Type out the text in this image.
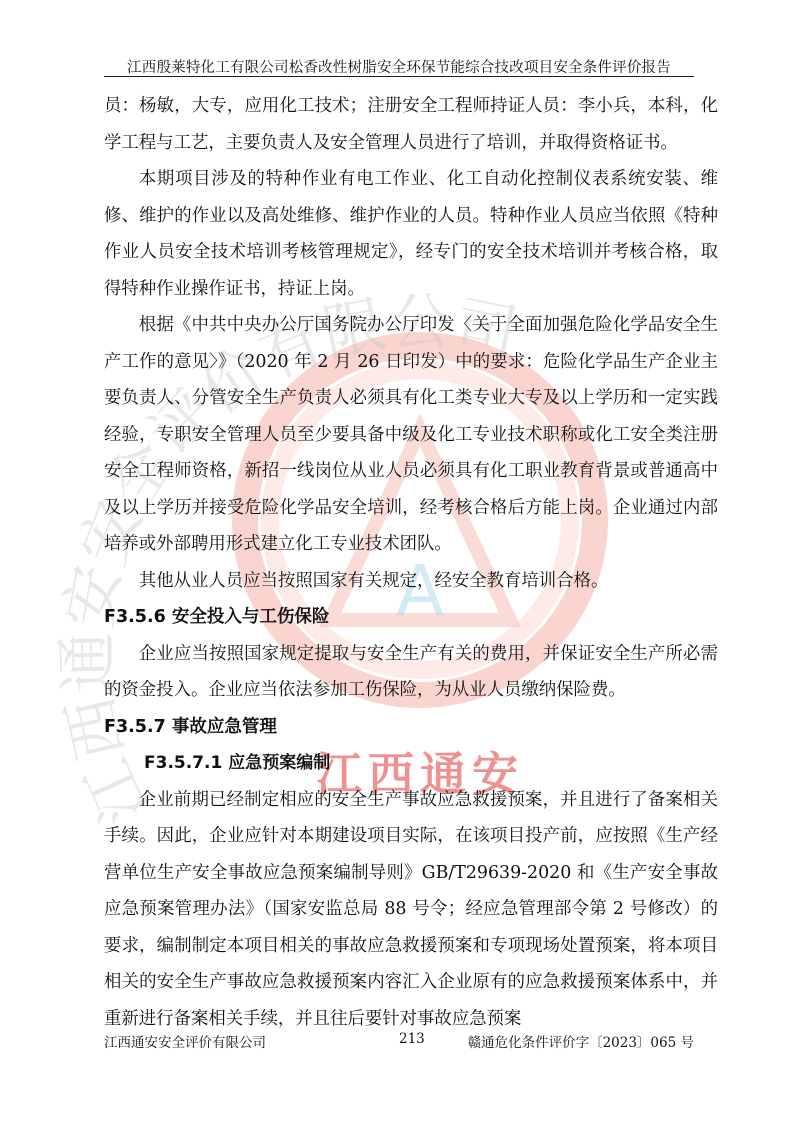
A
江西通安安全评价有限公司
江西通安
江西殷莱特化工有限公司松香改性树脂安全环保节能综合技改项目安全条件评价报告

员：杨敏，大专，应用化工技术；注册安全工程师持证人员：李小兵，本科，化学工程与工艺，主要负责人及安全管理人员进行了培训，并取得资格证书。

本期项目涉及的特种作业有电工作业、化工自动化控制仪表系统安装、维修、维护的作业以及高处维修、维护作业的人员。特种作业人员应当依照《特种作业人员安全技术培训考核管理规定》，经专门的安全技术培训并考核合格，取得特种作业操作证书，持证上岗。

根据《中共中央办公厅国务院办公厅印发〈关于全面加强危险化学品安全生产工作的意见〉》（2020 年 2 月 26 日印发）中的要求：危险化学品生产企业主要负责人、分管安全生产负责人必须具有化工类专业大专及以上学历和一定实践经验，专职安全管理人员至少要具备中级及化工专业技术职称或化工安全类注册安全工程师资格，新招一线岗位从业人员必须具有化工职业教育背景或普通高中及以上学历并接受危险化学品安全培训，经考核合格后方能上岗。企业通过内部培养或外部聘用形式建立化工专业技术团队。

其他从业人员应当按照国家有关规定，经安全教育培训合格。

F3.5.6 安全投入与工伤保险

企业应当按照国家规定提取与安全生产有关的费用，并保证安全生产所必需的资金投入。企业应当依法参加工伤保险，为从业人员缴纳保险费。

F3.5.7 事故应急管理

F3.5.7.1 应急预案编制

企业前期已经制定相应的安全生产事故应急救援预案，并且进行了备案相关手续。因此，企业应针对本期建设项目实际，在该项目投产前，应按照《生产经营单位生产安全事故应急预案编制导则》GB/T29639-2020 和《生产安全事故应急预案管理办法》（国家安监总局 88 号令；经应急管理部令第 2 号修改）的要求，编制制定本项目相关的事故应急救援预案和专项现场处置预案，将本项目相关的安全生产事故应急救援预案内容汇入企业原有的应急救援预案体系中，并重新进行备案相关手续，并且往后要针对事故应急预案

江西通安安全评价有限公司	213	赣通危化条件评价字〔2023〕065 号
